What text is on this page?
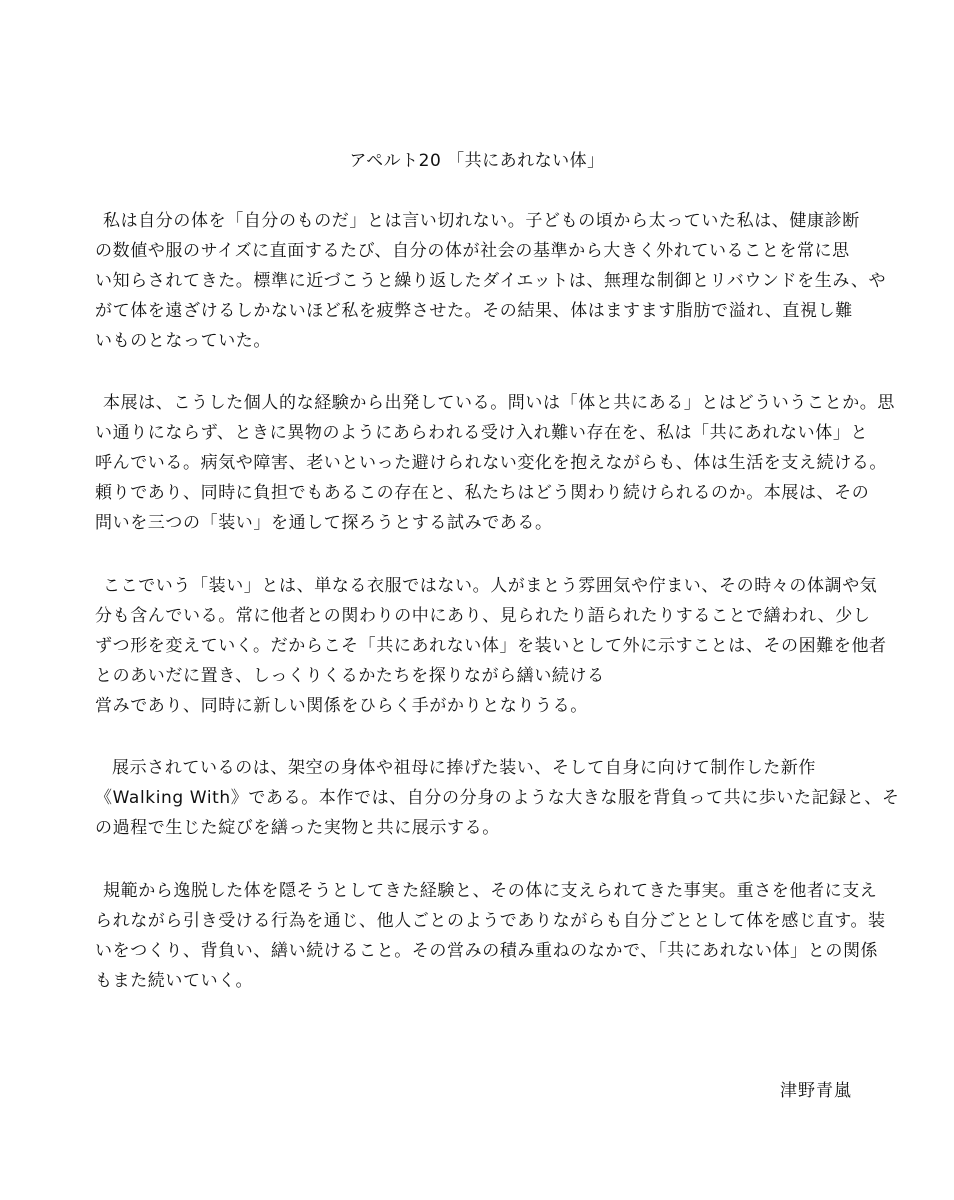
アペルト20 「共にあれない体」
私は自分の体を「自分のものだ」とは言い切れない。子どもの頃から太っていた私は、健康診断
の数値や服のサイズに直面するたび、自分の体が社会の基準から大きく外れていることを常に思
い知らされてきた。標準に近づこうと繰り返したダイエットは、無理な制御とリバウンドを生み、や
がて体を遠ざけるしかないほど私を疲弊させた。その結果、体はますます脂肪で溢れ、直視し難
いものとなっていた。
本展は、こうした個人的な経験から出発している。問いは「体と共にある」とはどういうことか。思
い通りにならず、ときに異物のようにあらわれる受け入れ難い存在を、私は「共にあれない体」と
呼んでいる。病気や障害、老いといった避けられない変化を抱えながらも、体は生活を支え続ける。
頼りであり、同時に負担でもあるこの存在と、私たちはどう関わり続けられるのか。本展は、その
問いを三つの「装い」を通して探ろうとする試みである。
ここでいう「装い」とは、単なる衣服ではない。人がまとう雰囲気や佇まい、その時々の体調や気
分も含んでいる。常に他者との関わりの中にあり、見られたり語られたりすることで繕われ、少し
ずつ形を変えていく。だからこそ「共にあれない体」を装いとして外に示すことは、その困難を他者
とのあいだに置き、しっくりくるかたちを探りながら繕い続ける
営みであり、同時に新しい関係をひらく手がかりとなりうる。
展示されているのは、架空の身体や祖母に捧げた装い、そして自身に向けて制作した新作
《Walking With》である。本作では、自分の分身のような大きな服を背負って共に歩いた記録と、そ
の過程で生じた綻びを繕った実物と共に展示する。
規範から逸脱した体を隠そうとしてきた経験と、その体に支えられてきた事実。重さを他者に支え
られながら引き受ける行為を通じ、他人ごとのようでありながらも自分ごととして体を感じ直す。装
いをつくり、背負い、繕い続けること。その営みの積み重ねのなかで、「共にあれない体」との関係
もまた続いていく。
津野青嵐
